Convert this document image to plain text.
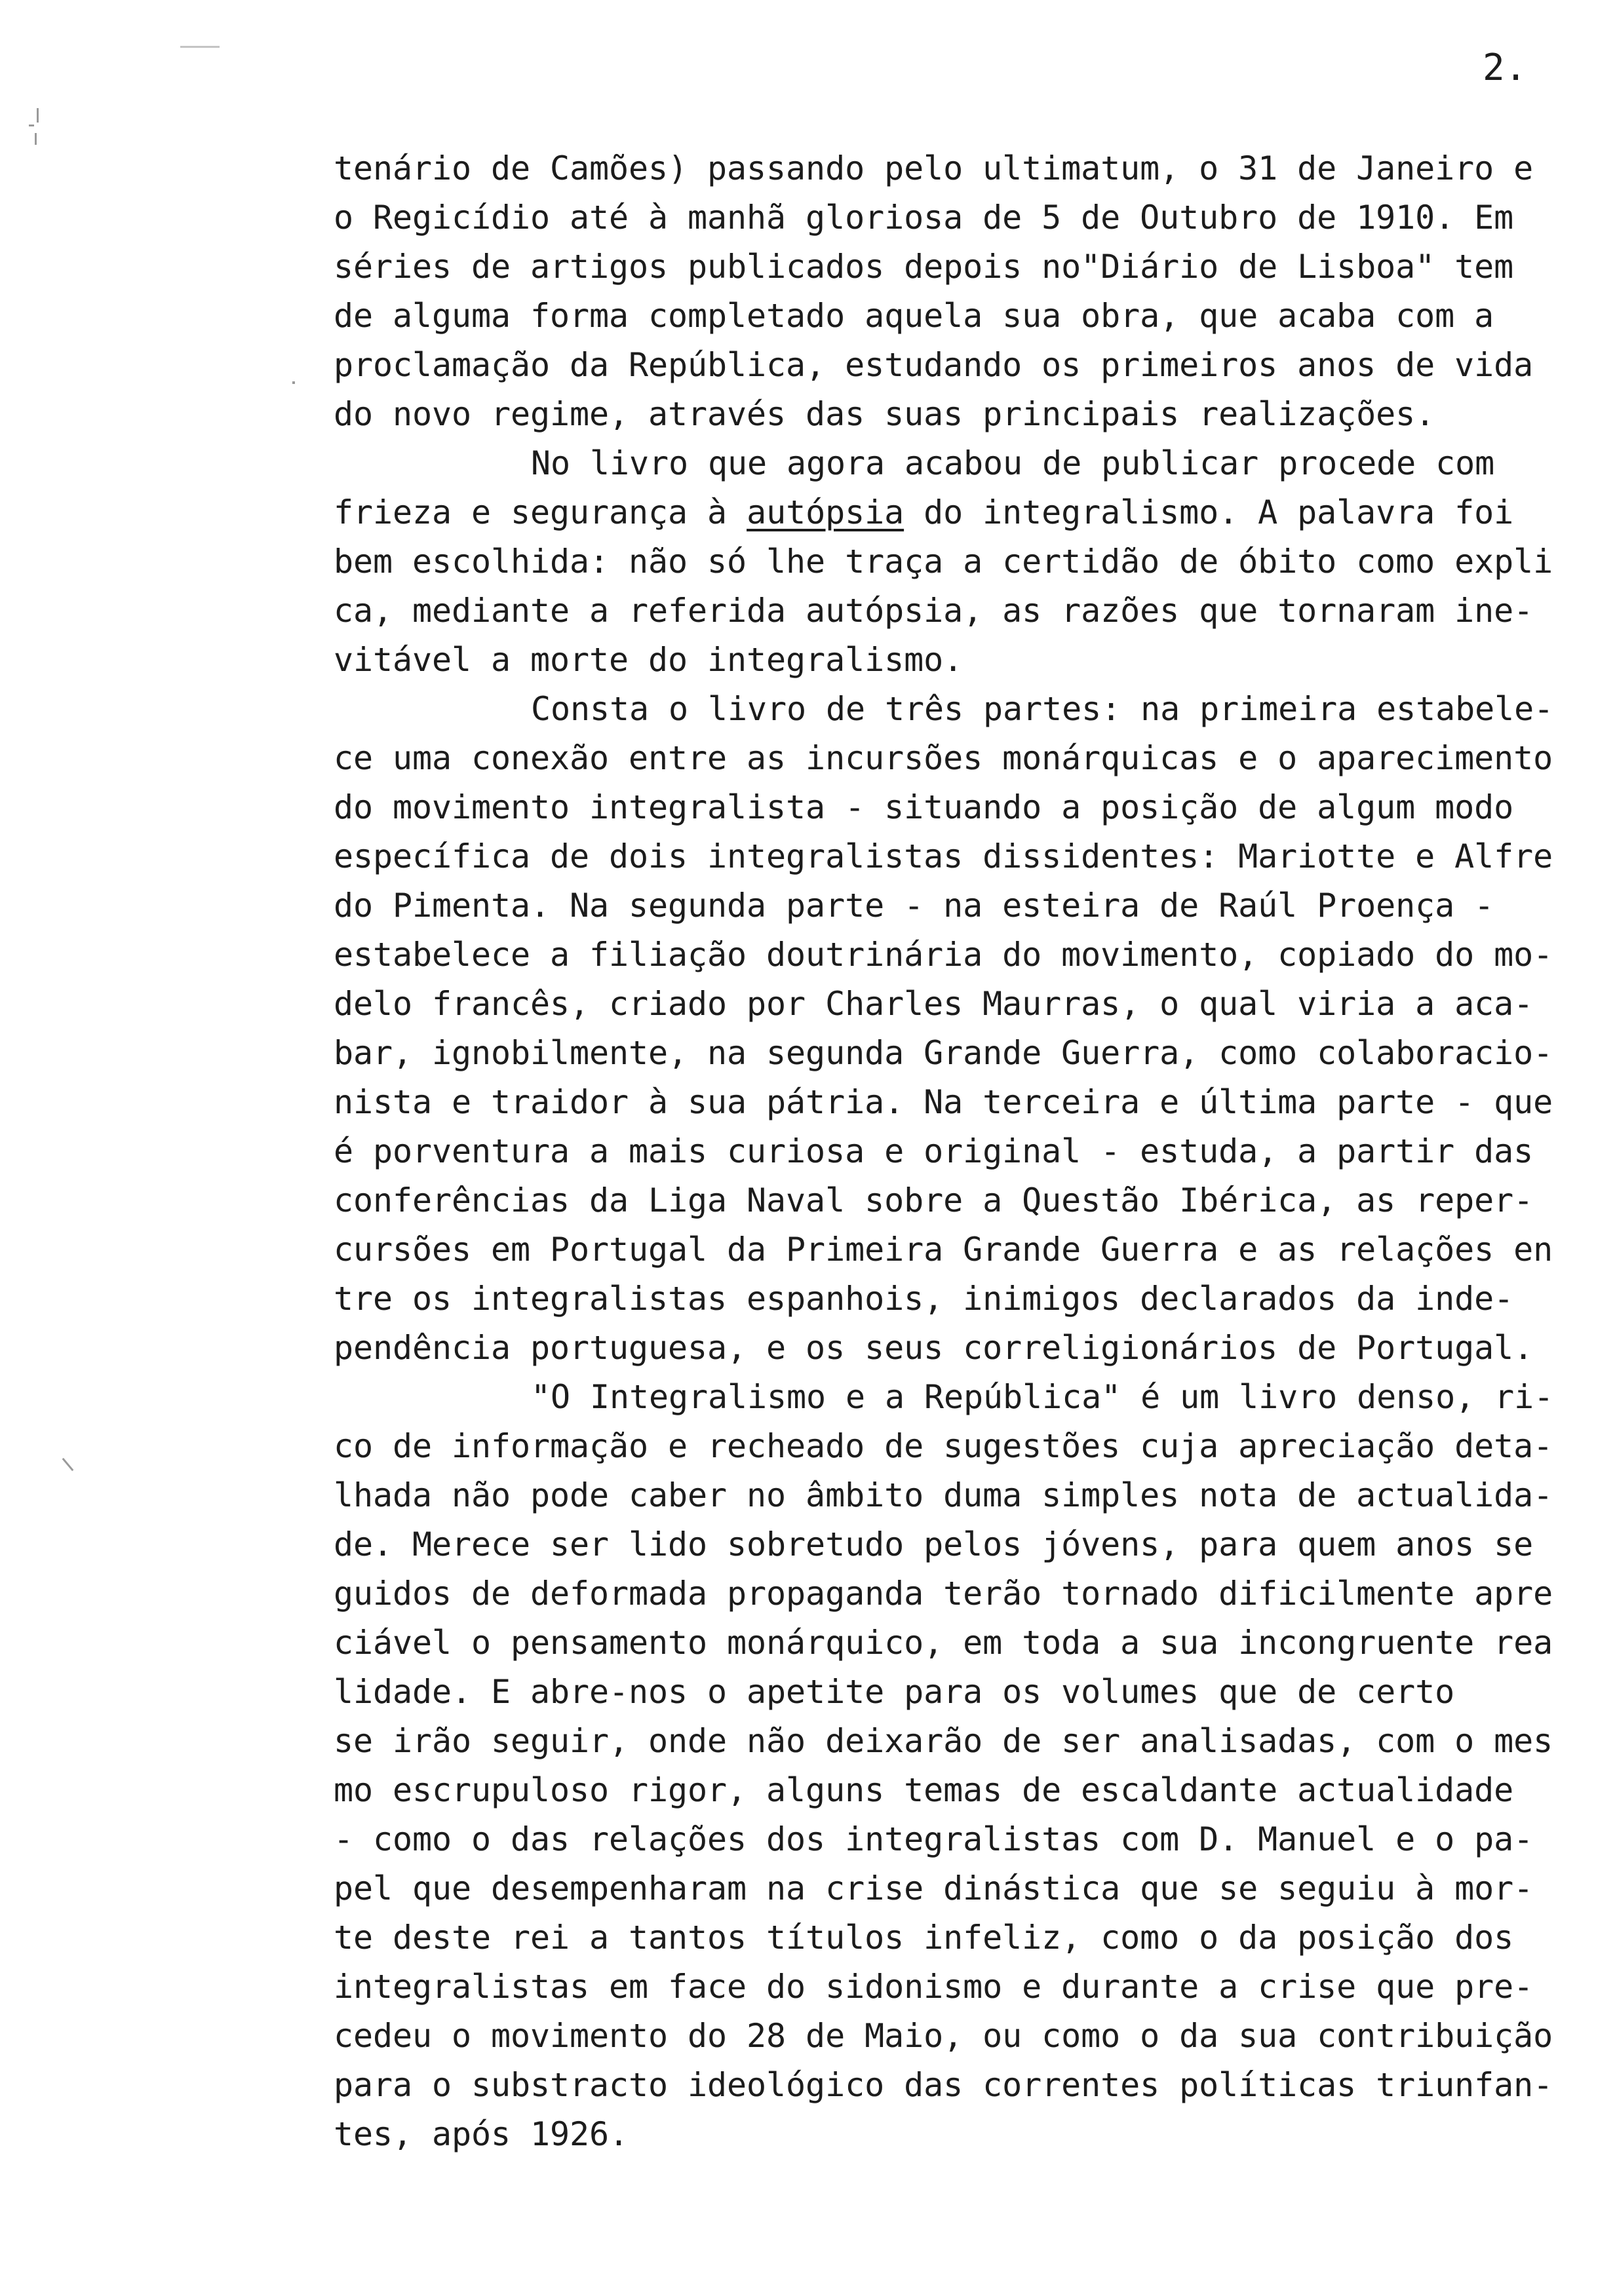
2.
tenário de Camões) passando pelo ultimatum, o 31 de Janeiro e
o Regicídio até à manhã gloriosa de 5 de Outubro de 1910. Em
séries de artigos publicados depois no"Diário de Lisboa" tem
de alguma forma completado aquela sua obra, que acaba com a
proclamação da República, estudando os primeiros anos de vida
do novo regime, através das suas principais realizações.
No livro que agora acabou de publicar procede com
frieza e segurança à autópsia do integralismo. A palavra foi
bem escolhida: não só lhe traça a certidão de óbito como expli
ca, mediante a referida autópsia, as razões que tornaram ine-
vitável a morte do integralismo.
Consta o livro de três partes: na primeira estabele-
ce uma conexão entre as incursões monárquicas e o aparecimento
do movimento integralista - situando a posição de algum modo
específica de dois integralistas dissidentes: Mariotte e Alfre
do Pimenta. Na segunda parte - na esteira de Raúl Proença -
estabelece a filiação doutrinária do movimento, copiado do mo-
delo francês, criado por Charles Maurras, o qual viria a aca-
bar, ignobilmente, na segunda Grande Guerra, como colaboracio-
nista e traidor à sua pátria. Na terceira e última parte - que
é porventura a mais curiosa e original - estuda, a partir das
conferências da Liga Naval sobre a Questão Ibérica, as reper-
cursões em Portugal da Primeira Grande Guerra e as relações en
tre os integralistas espanhois, inimigos declarados da inde-
pendência portuguesa, e os seus correligionários de Portugal.
"O Integralismo e a República" é um livro denso, ri-
co de informação e recheado de sugestões cuja apreciação deta-
lhada não pode caber no âmbito duma simples nota de actualida-
de. Merece ser lido sobretudo pelos jóvens, para quem anos se
guidos de deformada propaganda terão tornado dificilmente apre
ciável o pensamento monárquico, em toda a sua incongruente rea
lidade. E abre-nos o apetite para os volumes que de certo
se irão seguir, onde não deixarão de ser analisadas, com o mes
mo escrupuloso rigor, alguns temas de escaldante actualidade
- como o das relações dos integralistas com D. Manuel e o pa-
pel que desempenharam na crise dinástica que se seguiu à mor-
te deste rei a tantos títulos infeliz, como o da posição dos
integralistas em face do sidonismo e durante a crise que pre-
cedeu o movimento do 28 de Maio, ou como o da sua contribuição
para o substracto ideológico das correntes políticas triunfan-
tes, após 1926.
